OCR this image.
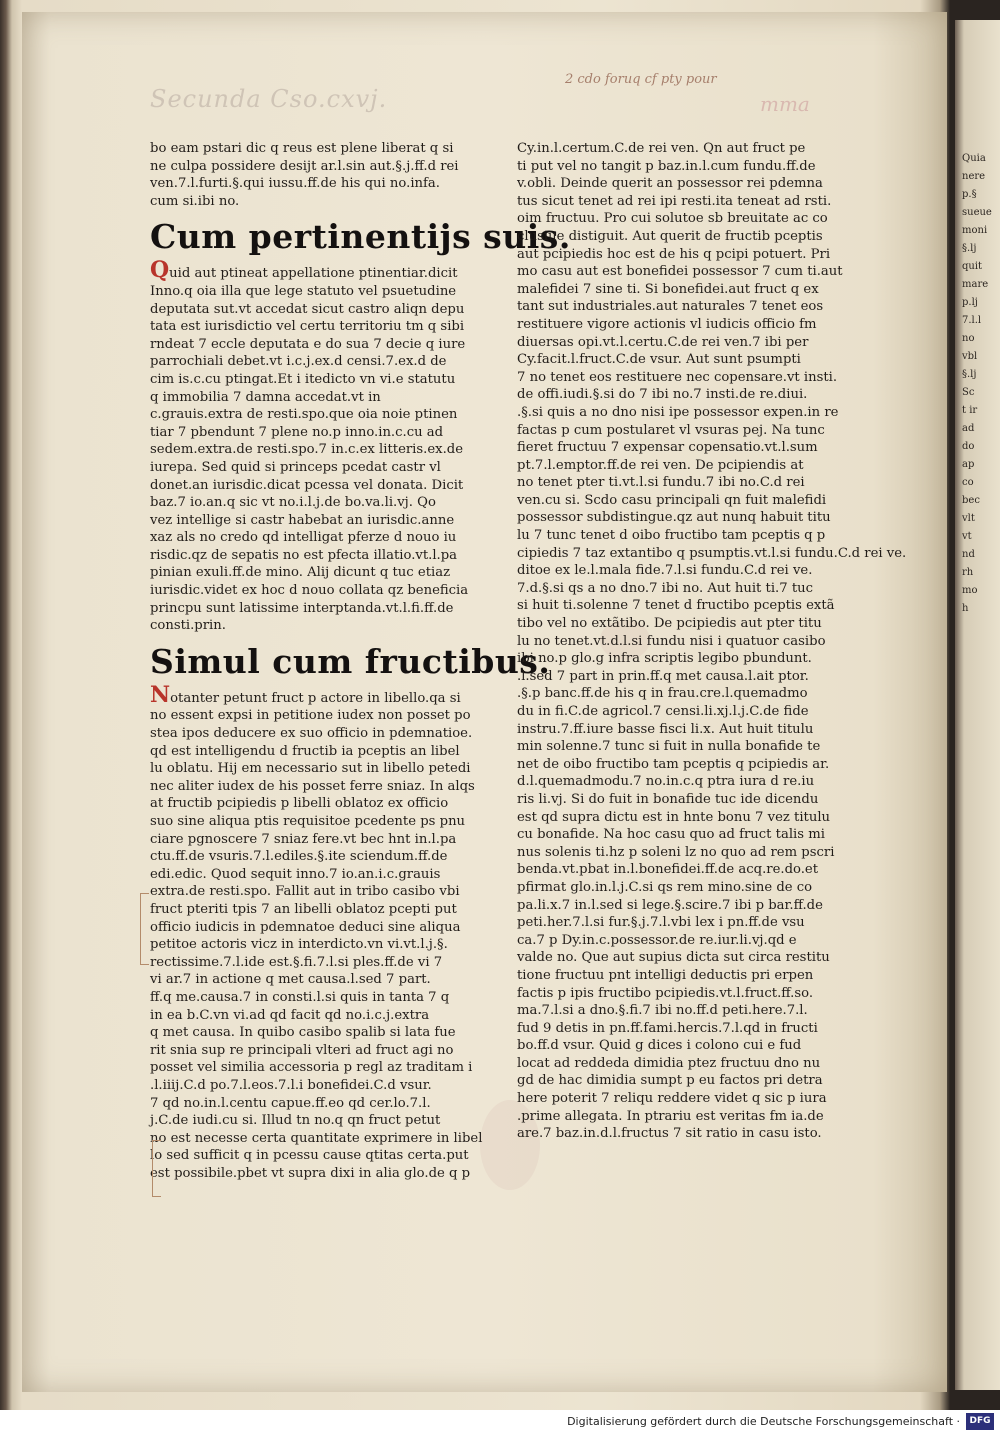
Quia
nere
p.§
sueue
moni
§.lj
quit
mare
p.lj
7.l.l
no
vbl
§.lj
Sc
t ir
ad
do
ap
co
bec
vlt
vt
nd
rh
mo
h
Secunda Cso.cxvj.
2 cdo foruq cf pty pour
mma
bo eam pstari dic q reus est plene liberat q si
ne culpa possidere desijt ar.l.sin aut.§.j.ff.d rei
ven.7.l.furti.§.qui iussu.ff.de his qui no.infa.
cum si.ibi no.
Cum pertinentijs suis.
Quid aut ptineat appellatione ptinentiar.dicit
Inno.q oia illa que lege statuto vel psuetudine
deputata sut.vt accedat sicut castro aliqn depu
tata est iurisdictio vel certu territoriu tm q sibi
rndeat 7 eccle deputata e do sua 7 decie q iure
parrochiali debet.vt i.c.j.ex.d censi.7.ex.d de
cim is.c.cu ptingat.Et i itedicto vn vi.e statutu
q immobilia 7 damna accedat.vt in
c.grauis.extra de resti.spo.que oia noie ptinen
tiar 7 pbendunt 7 plene no.p inno.in.c.cu ad
sedem.extra.de resti.spo.7 in.c.ex litteris.ex.de
iurepa. Sed quid si princeps pcedat castr vl
donet.an iurisdic.dicat pcessa vel donata. Dicit
baz.7 io.an.q sic vt no.i.l.j.de bo.va.li.vj. Qo
vez intellige si castr habebat an iurisdic.anne
xaz als no credo qd intelligat pferze d nouo iu
risdic.qz de sepatis no est pfecta illatio.vt.l.pa
pinian exuli.ff.de mino. Alij dicunt q tuc etiaz
iurisdic.videt ex hoc d nouo collata qz beneficia
princpu sunt latissime interptanda.vt.l.fi.ff.de
consti.prin.
Simul cum fructibus.
Notanter petunt fruct p actore in libello.qa si
no essent expsi in petitione iudex non posset po
stea ipos deducere ex suo officio in pdemnatioe.
qd est intelligendu d fructib ia pceptis an libel
lu oblatu. Hij em necessario sut in libello petedi
nec aliter iudex de his posset ferre sniaz. In alqs
at fructib pcipiedis p libelli oblatoz ex officio
suo sine aliqua ptis requisitoe pcedente ps pnu
ciare pgnoscere 7 sniaz fere.vt bec hnt in.l.pa
ctu.ff.de vsuris.7.l.ediles.§.ite sciendum.ff.de
edi.edic. Quod sequit inno.7 io.an.i.c.grauis
extra.de resti.spo. Fallit aut in tribo casibo vbi
fruct pteriti tpis 7 an libelli oblatoz pcepti put
officio iudicis in pdemnatoe deduci sine aliqua
petitoe actoris vicz in interdicto.vn vi.vt.l.j.§.
rectissime.7.l.ide est.§.fi.7.l.si ples.ff.de vi 7
vi ar.7 in actione q met causa.l.sed 7 part.
ff.q me.causa.7 in consti.l.si quis in tanta 7 q
in ea b.C.vn vi.ad qd facit qd no.i.c.j.extra
q met causa. In quibo casibo spalib si lata fue
rit snia sup re principali vlteri ad fruct agi no
posset vel similia accessoria p regl az traditam i
.l.iiij.C.d po.7.l.eos.7.l.i bonefidei.C.d vsur.
7 qd no.in.l.centu capue.ff.eo qd cer.lo.7.l.
j.C.de iudi.cu si. Illud tn no.q qn fruct petut
no est necesse certa quantitate exprimere in libel
lo sed sufficit q in pcessu cause qtitas certa.put
est possibile.pbet vt supra dixi in alia glo.de q p
Cy.in.l.certum.C.de rei ven. Qn aut fruct pe
ti put vel no tangit p baz.in.l.cum fundu.ff.de
v.obli. Deinde querit an possessor rei pdemna
tus sicut tenet ad rei ipi resti.ita teneat ad rsti.
oim fructuu. Pro cui solutoe sb breuitate ac co
clusiue distiguit. Aut querit de fructib pceptis
aut pcipiedis hoc est de his q pcipi potuert. Pri
mo casu aut est bonefidei possessor 7 cum ti.aut
malefidei 7 sine ti. Si bonefidei.aut fruct q ex
tant sut industriales.aut naturales 7 tenet eos
restituere vigore actionis vl iudicis officio fm
diuersas opi.vt.l.certu.C.de rei ven.7 ibi per
Cy.facit.l.fruct.C.de vsur. Aut sunt psumpti
7 no tenet eos restituere nec copensare.vt insti.
de offi.iudi.§.si do 7 ibi no.7 insti.de re.diui.
.§.si quis a no dno nisi ipe possessor expen.in re
factas p cum postularet vl vsuras pej. Na tunc
fieret fructuu 7 expensar copensatio.vt.l.sum
pt.7.l.emptor.ff.de rei ven. De pcipiendis at
no tenet pter ti.vt.l.si fundu.7 ibi no.C.d rei
ven.cu si. Scdo casu principali qn fuit malefidi
possessor subdistingue.qz aut nunq habuit titu
lu 7 tunc tenet d oibo fructibo tam pceptis q p
cipiedis 7 taz extantibo q psumptis.vt.l.si fundu.C.d rei ve.
ditoe ex le.l.mala fide.7.l.si fundu.C.d rei ve.
7.d.§.si qs a no dno.7 ibi no. Aut huit ti.7 tuc
si huit ti.solenne 7 tenet d fructibo pceptis extã
tibo vel no extãtibo. De pcipiedis aut pter titu
lu no tenet.vt.d.l.si fundu nisi i quatuor casibo
ibi no.p glo.g infra scriptis legibo pbundunt.
.l.sed 7 part in prin.ff.q met causa.l.ait ptor.
.§.p banc.ff.de his q in frau.cre.l.quemadmo
du in fi.C.de agricol.7 censi.li.xj.l.j.C.de fide
instru.7.ff.iure basse fisci li.x. Aut huit titulu
min solenne.7 tunc si fuit in nulla bonafide te
net de oibo fructibo tam pceptis q pcipiedis ar.
d.l.quemadmodu.7 no.in.c.q ptra iura d re.iu
ris li.vj. Si do fuit in bonafide tuc ide dicendu
est qd supra dictu est in hnte bonu 7 vez titulu
cu bonafide. Na hoc casu quo ad fruct talis mi
nus solenis ti.hz p soleni lz no quo ad rem pscri
benda.vt.pbat in.l.bonefidei.ff.de acq.re.do.et
pfirmat glo.in.l.j.C.si qs rem mino.sine de co
pa.li.x.7 in.l.sed si lege.§.scire.7 ibi p bar.ff.de
peti.her.7.l.si fur.§.j.7.l.vbi lex i pn.ff.de vsu
ca.7 p Dy.in.c.possessor.de re.iur.li.vj.qd e
valde no. Que aut supius dicta sut circa restitu
tione fructuu pnt intelligi deductis pri erpen
factis p ipis fructibo pcipiedis.vt.l.fruct.ff.so.
ma.7.l.si a dno.§.fi.7 ibi no.ff.d peti.here.7.l.
fud 9 detis in pn.ff.fami.hercis.7.l.qd in fructi
bo.ff.d vsur. Quid g dices i colono cui e fud
locat ad reddeda dimidia ptez fructuu dno nu
gd de hac dimidia sumpt p eu factos pri detra
here poterit 7 reliqu reddere videt q sic p iura
.prime allegata. In ptrariu est veritas fm ia.de
are.7 baz.in.d.l.fructus 7 sit ratio in casu isto.
Digitalisierung gefördert durch die Deutsche Forschungsgemeinschaft ·	DFG
